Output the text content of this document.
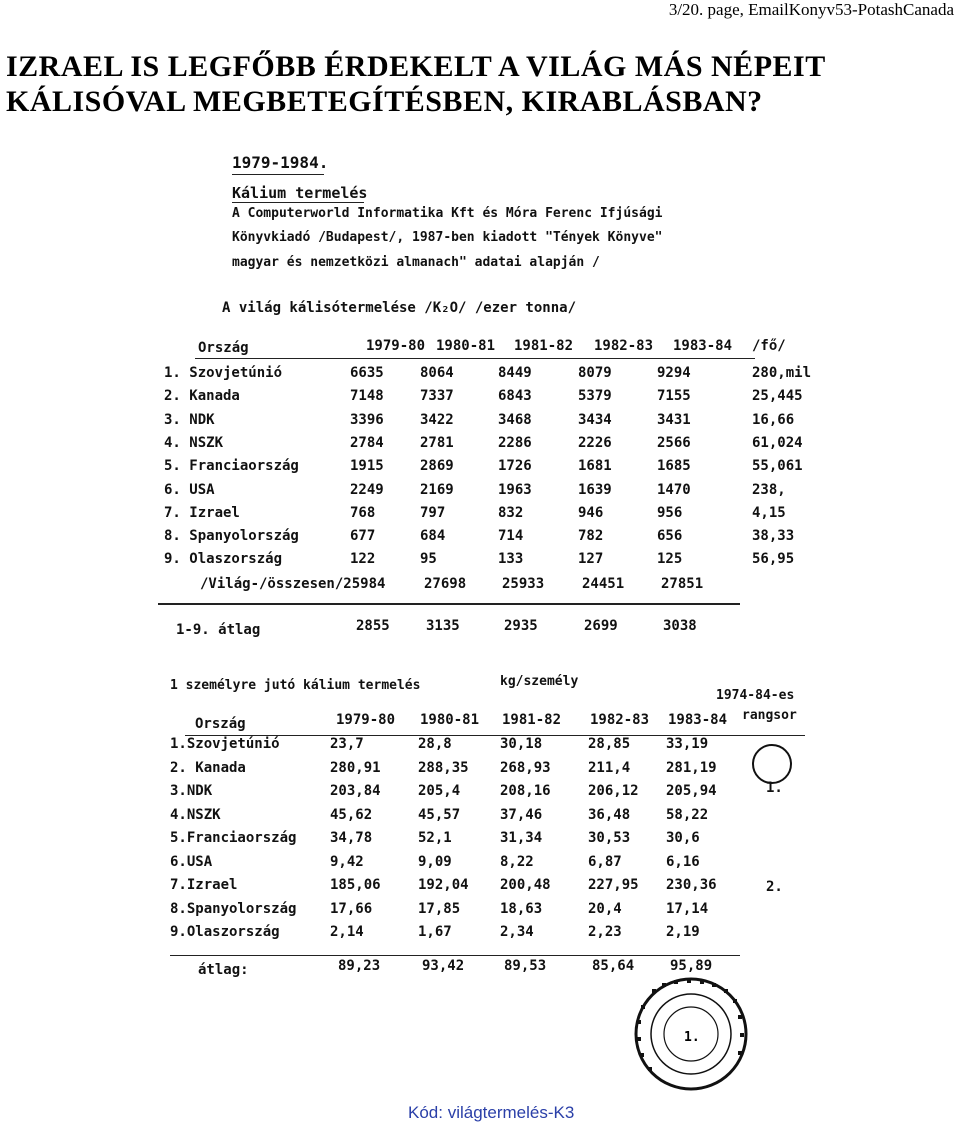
3/20. page, EmailKonyv53-PotashCanada
IZRAEL IS LEGFŐBB ÉRDEKELT A VILÁG MÁS NÉPEIT
KÁLISÓVAL MEGBETEGÍTÉSBEN, KIRABLÁSBAN?
1979-1984.
Kálium termelés
A Computerworld Informatika Kft és Móra Ferenc Ifjúsági
Könyvkiadó /Budapest/, 1987-ben kiadott "Tények Könyve"
magyar és nemzetközi almanach" adatai alapján /
A világ kálisótermelése /K₂O/ /ezer tonna/
Ország	1979-80 1980-81 1981-82 1982-83 1983-84 /fő/
1. Szovjetúnió	6635	8064	8449	8079	9294	280,mil
2. Kanada	7148	7337	6843	5379	7155	25,445
3. NDK	3396	3422	3468	3434	3431	16,66
4. NSZK	2784	2781	2286	2226	2566	61,024
5. Franciaország	1915	2869	1726	1681	1685	55,061
6. USA	2249	2169	1963	1639	1470	238,
7. Izrael	768	797	832	946	956	4,15
8. Spanyolország	677	684	714	782	656	38,33
9. Olaszország	122	95	133	127	125	56,95
/Világ-/összesen/25984	27698	25933	24451	27851
1-9. átlag	2855	3135	2935	2699	3038
1 személyre jutó kálium termelés	kg/személy
1974-84-es
rangsor
Ország	1979-80 1980-81 1981-82 1982-83 1983-84
1.Szovjetúnió	23,7	28,8	30,18	28,85	33,19
2. Kanada	280,91	288,35 268,93	211,4	281,19
1.
3.NDK	203,84	205,4	208,16	206,12 205,94
4.NSZK	45,62	45,57	37,46	36,48	58,22
5.Franciaország 34,78	52,1	31,34	30,53	30,6
6.USA	9,42	9,09	8,22	6,87	6,16
7.Izrael	185,06	192,04 200,48	227,95 230,36	2.
8.Spanyolország 17,66	17,85	18,63	20,4	17,14
9.Olaszország	2,14	1,67	2,34	2,23	2,19
átlag:	89,23	93,42	89,53	85,64	95,89
1.
Kód: világtermelés-K3
